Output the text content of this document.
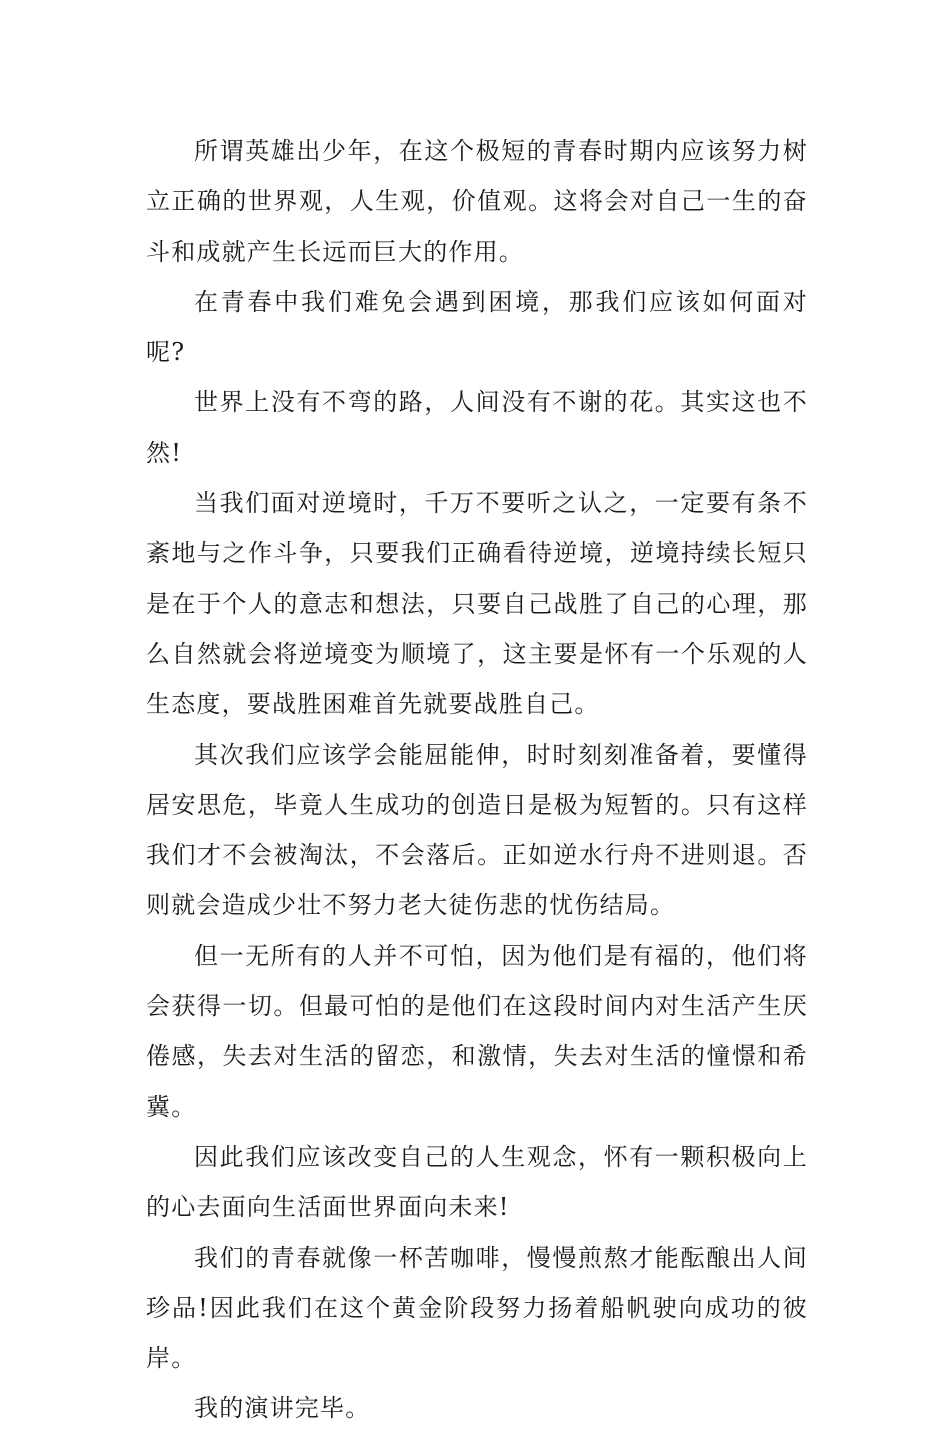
所谓英雄出少年，在这个极短的青春时期内应该努力树立正确的世界观，人生观，价值观。这将会对自己一生的奋斗和成就产生长远而巨大的作用。

在青春中我们难免会遇到困境，那我们应该如何面对呢?

世界上没有不弯的路，人间没有不谢的花。其实这也不然!

当我们面对逆境时，千万不要听之认之，一定要有条不紊地与之作斗争，只要我们正确看待逆境，逆境持续长短只是在于个人的意志和想法，只要自己战胜了自己的心理，那么自然就会将逆境变为顺境了，这主要是怀有一个乐观的人生态度，要战胜困难首先就要战胜自己。

其次我们应该学会能屈能伸，时时刻刻准备着，要懂得居安思危，毕竟人生成功的创造日是极为短暂的。只有这样我们才不会被淘汰，不会落后。正如逆水行舟不进则退。否则就会造成少壮不努力老大徒伤悲的忧伤结局。

但一无所有的人并不可怕，因为他们是有福的，他们将会获得一切。但最可怕的是他们在这段时间内对生活产生厌倦感，失去对生活的留恋，和激情，失去对生活的憧憬和希冀。

因此我们应该改变自己的人生观念，怀有一颗积极向上的心去面向生活面世界面向未来!

我们的青春就像一杯苦咖啡，慢慢煎熬才能酝酿出人间珍品!因此我们在这个黄金阶段努力扬着船帆驶向成功的彼岸。

我的演讲完毕。
